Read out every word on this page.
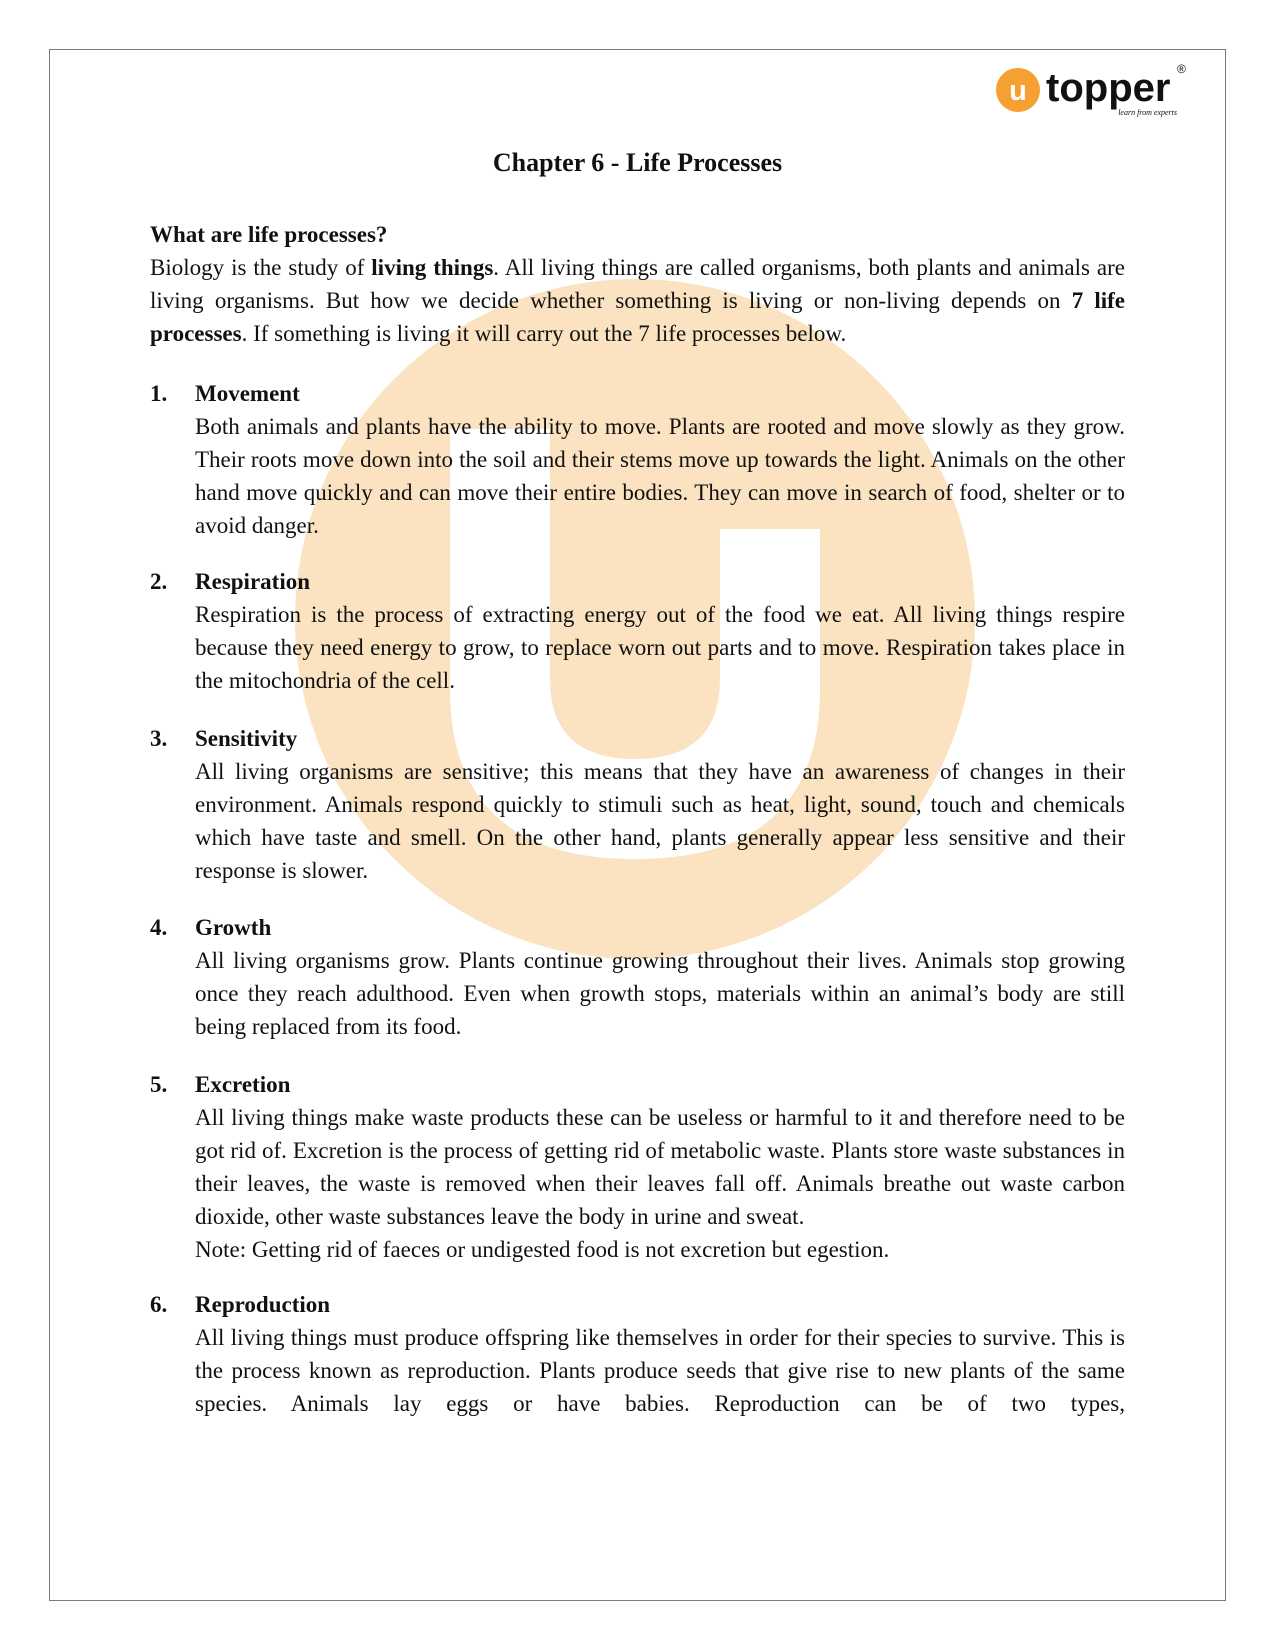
u topper ®
learn from experts
Chapter 6 - Life Processes
What are life processes?
Biology is the study of living things. All living things are called organisms, both plants and animals are living organisms. But how we decide whether something is living or non-living depends on 7 life processes. If something is living it will carry out the 7 life processes below.
1.	Movement
Both animals and plants have the ability to move. Plants are rooted and move slowly as they grow. Their roots move down into the soil and their stems move up towards the light. Animals on the other hand move quickly and can move their entire bodies. They can move in search of food, shelter or to avoid danger.
2.	Respiration
Respiration is the process of extracting energy out of the food we eat. All living things respire because they need energy to grow, to replace worn out parts and to move. Respiration takes place in the mitochondria of the cell.
3.	Sensitivity
All living organisms are sensitive; this means that they have an awareness of changes in their environment. Animals respond quickly to stimuli such as heat, light, sound, touch and chemicals which have taste and smell. On the other hand, plants generally appear less sensitive and their response is slower.
4.	Growth
All living organisms grow. Plants continue growing throughout their lives. Animals stop growing once they reach adulthood. Even when growth stops, materials within an animal’s body are still being replaced from its food.
5.	Excretion
All living things make waste products these can be useless or harmful to it and therefore need to be got rid of. Excretion is the process of getting rid of metabolic waste. Plants store waste substances in their leaves, the waste is removed when their leaves fall off. Animals breathe out waste carbon dioxide, other waste substances leave the body in urine and sweat.
Note: Getting rid of faeces or undigested food is not excretion but egestion.
6.	Reproduction
All living things must produce offspring like themselves in order for their species to survive. This is the process known as reproduction. Plants produce seeds that give rise to new plants of the same species. Animals lay eggs or have babies. Reproduction can be of two types,
